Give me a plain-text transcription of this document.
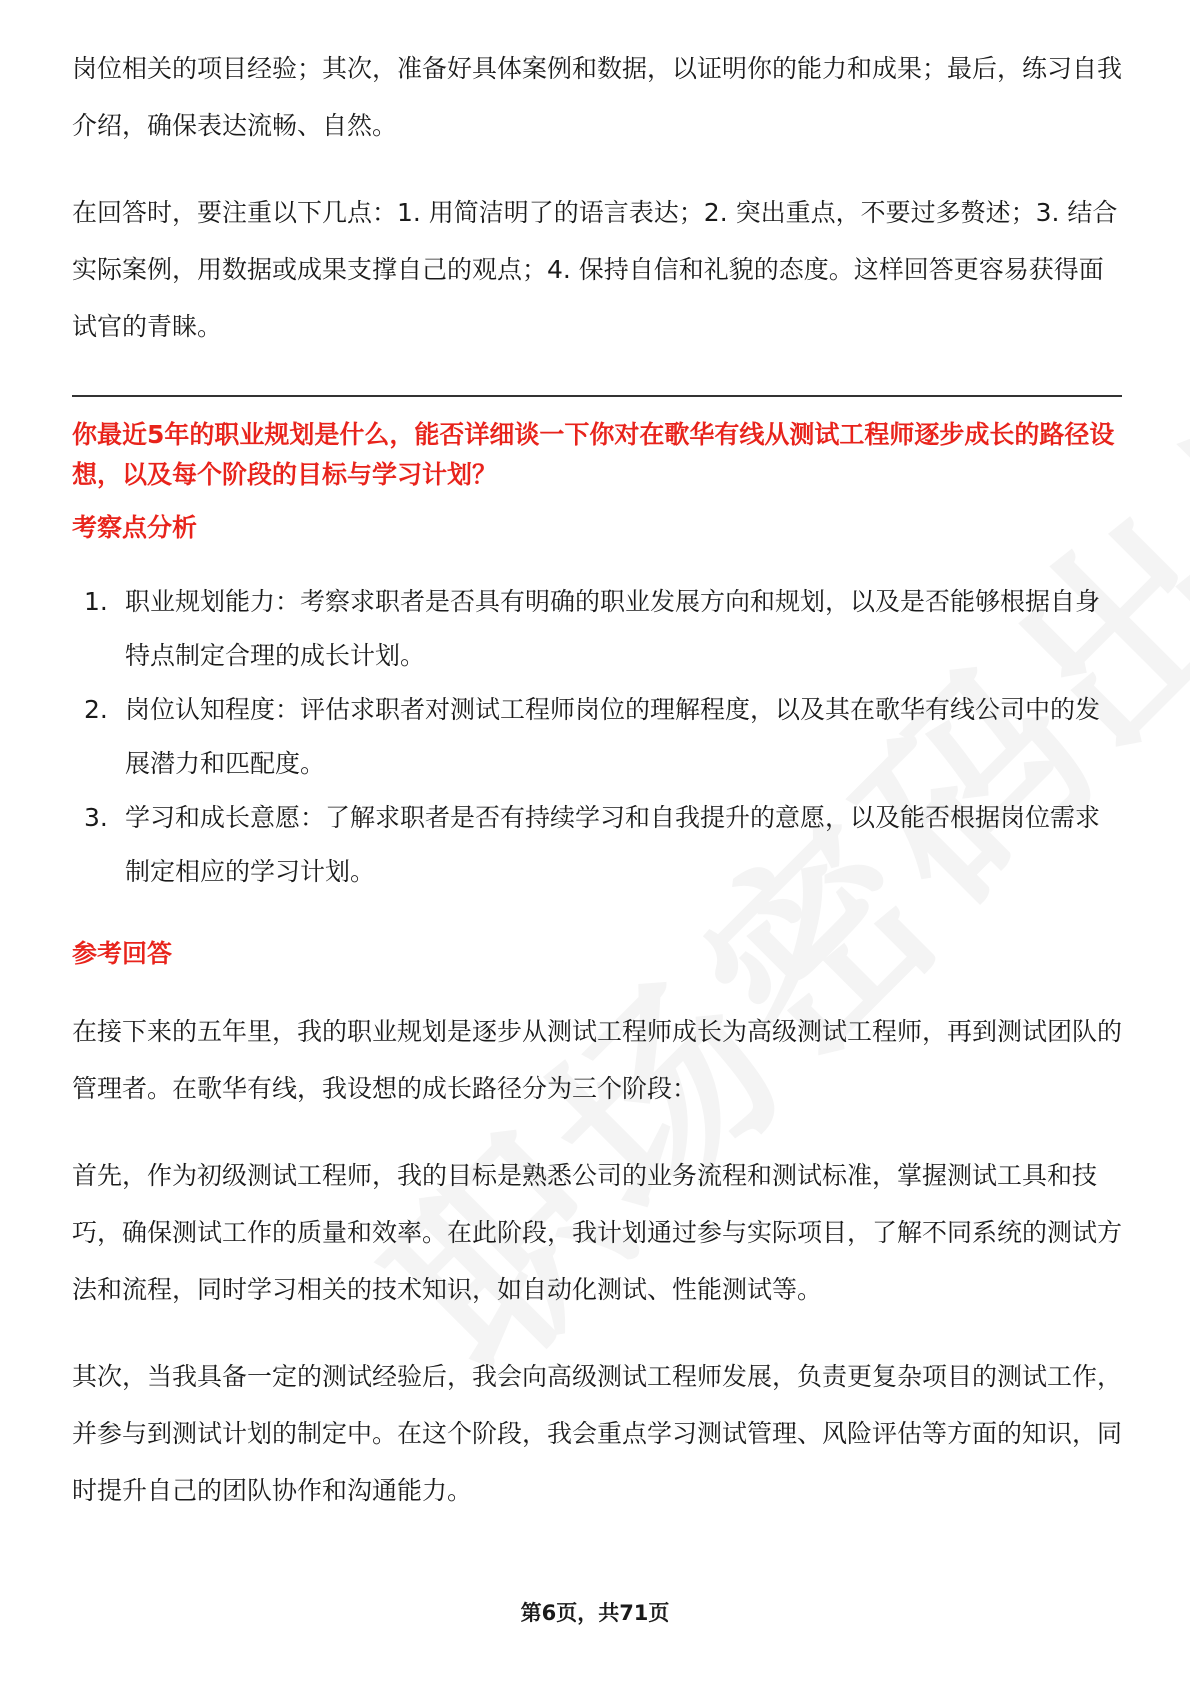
岗位相关的项目经验；其次，准备好具体案例和数据，以证明你的能力和成果；最后，练习自我介绍，确保表达流畅、自然。

在回答时，要注重以下几点：1. 用简洁明了的语言表达；2. 突出重点，不要过多赘述；3. 结合实际案例，用数据或成果支撑自己的观点；4. 保持自信和礼貌的态度。这样回答更容易获得面试官的青睐。

你最近5年的职业规划是什么，能否详细谈一下你对在歌华有线从测试工程师逐步成长的路径设想，以及每个阶段的目标与学习计划？
考察点分析
1. 职业规划能力：考察求职者是否具有明确的职业发展方向和规划，以及是否能够根据自身特点制定合理的成长计划。
2. 岗位认知程度：评估求职者对测试工程师岗位的理解程度，以及其在歌华有线公司中的发展潜力和匹配度。
3. 学习和成长意愿：了解求职者是否有持续学习和自我提升的意愿，以及能否根据岗位需求制定相应的学习计划。
参考回答

在接下来的五年里，我的职业规划是逐步从测试工程师成长为高级测试工程师，再到测试团队的管理者。在歌华有线，我设想的成长路径分为三个阶段：

首先，作为初级测试工程师，我的目标是熟悉公司的业务流程和测试标准，掌握测试工具和技巧，确保测试工作的质量和效率。在此阶段，我计划通过参与实际项目，了解不同系统的测试方法和流程，同时学习相关的技术知识，如自动化测试、性能测试等。

其次，当我具备一定的测试经验后，我会向高级测试工程师发展，负责更复杂项目的测试工作，并参与到测试计划的制定中。在这个阶段，我会重点学习测试管理、风险评估等方面的知识，同时提升自己的团队协作和沟通能力。

第6页，共71页
